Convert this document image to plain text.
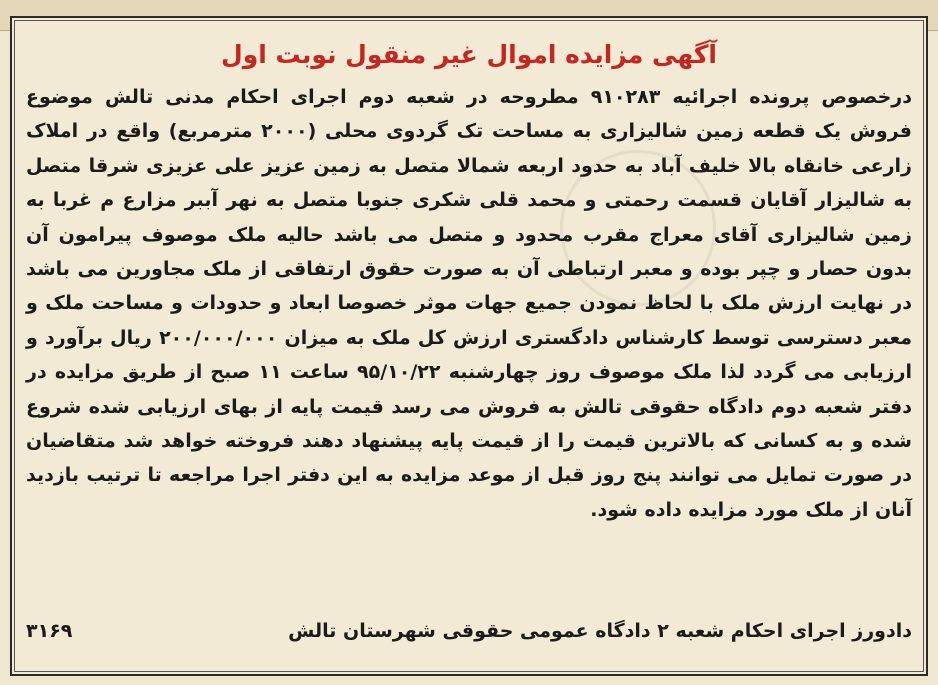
آگهی مزایده اموال غیر منقول نوبت اول
درخصوص پرونده اجرائیه ۹۱۰۲۸۳ مطروحه در شعبه دوم اجرای احکام مدنی تالش موضوع فروش یک قطعه زمین شالیزاری به مساحت تک گردوی محلی (۲۰۰۰ مترمربع) واقع در املاک زارعی خانقاه بالا خلیف آباد به حدود اربعه شمالا متصل به زمین عزیز علی عزیزی شرقا متصل به شالیزار آقایان قسمت رحمتی و محمد قلی شکری جنوبا متصل به نهر آببر مزارع م غربا به زمین شالیزاری آقای معراج مقرب محدود و متصل می باشد حالیه ملک موصوف پیرامون آن بدون حصار و چپر بوده و معبر ارتباطی آن به صورت حقوق ارتفاقی از ملک مجاورین می باشد در نهایت ارزش ملک با لحاظ نمودن جمیع جهات موثر خصوصا ابعاد و حدودات و مساحت ملک و معبر دسترسی توسط کارشناس دادگستری ارزش کل ملک به میزان ۲۰۰/۰۰۰/۰۰۰ ریال برآورد و ارزیابی می گردد لذا ملک موصوف روز چهارشنبه ۹۵/۱۰/۲۲ ساعت ۱۱ صبح از طریق مزایده در دفتر شعبه دوم دادگاه حقوقی تالش به فروش می رسد قیمت پایه از بهای ارزیابی شده شروع شده و به کسانی که بالاترین قیمت را از قیمت پایه پیشنهاد دهند فروخته خواهد شد متقاضیان در صورت تمایل می توانند پنج روز قبل از موعد مزایده به این دفتر اجرا مراجعه تا ترتیب بازدید آنان از ملک مورد مزایده داده شود.
دادورز اجرای احکام شعبه ۲ دادگاه عمومی حقوقی شهرستان تالش
۳۱۶۹
